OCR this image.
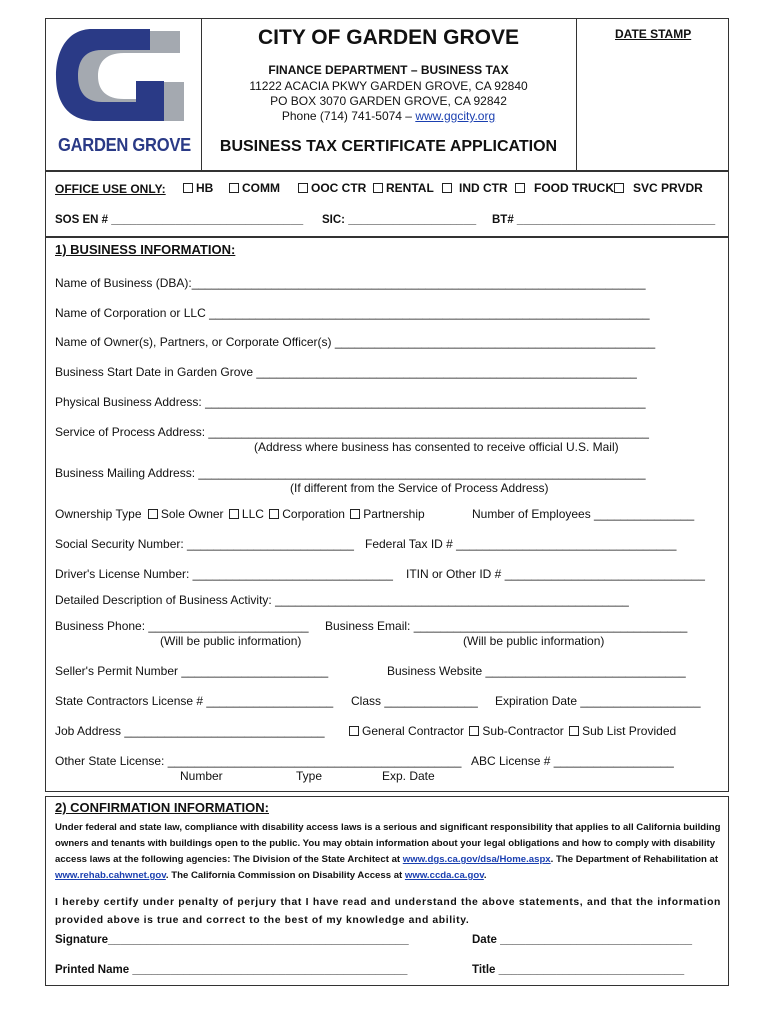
GARDEN GROVE
CITY OF GARDEN GROVE
FINANCE DEPARTMENT – BUSINESS TAX
11222 ACACIA PKWY GARDEN GROVE, CA 92840
PO BOX 3070 GARDEN GROVE, CA 92842
Phone (714) 741-5074 – www.ggcity.org
BUSINESS TAX CERTIFICATE APPLICATION
DATE STAMP
OFFICE USE ONLY:	HB	COMM	OOC CTR	RENTAL	IND CTR	FOOD TRUCK	SVC PRVDR
SOS EN # ______________________________ SIC: ____________________ BT# _______________________________
1) BUSINESS INFORMATION:
Name of Business (DBA):____________________________________________________________________
Name of Corporation or LLC __________________________________________________________________
Name of Owner(s), Partners, or Corporate Officer(s) ________________________________________________
Business Start Date in Garden Grove _________________________________________________________
Physical Business Address: __________________________________________________________________
Service of Process Address: __________________________________________________________________
(Address where business has consented to receive official U.S. Mail)
Business Mailing Address: ___________________________________________________________________
(If different from the Service of Process Address)
Ownership Type Sole Owner LLC Corporation Partnership	Number of Employees _______________
Social Security Number: _________________________ Federal Tax ID # _________________________________
Driver's License Number: ______________________________ ITIN or Other ID # ______________________________
Detailed Description of Business Activity: _____________________________________________________
Business Phone: ________________________
(Will be public information)
Business Email: _________________________________________
(Will be public information)
Seller's Permit Number ______________________	Business Website ______________________________
State Contractors License # ___________________ Class ______________ Expiration Date __________________
Job Address ______________________________	General Contractor Sub-Contractor Sub List Provided
Other State License: ____________________________________________ ABC License # __________________
Number	Type	Exp. Date
2) CONFIRMATION INFORMATION:
Under federal and state law, compliance with disability access laws is a serious and significant responsibility that applies to all California building owners and tenants with buildings open to the public. You may obtain information about your legal obligations and how to comply with disability access laws at the following agencies: The Division of the State Architect at www.dgs.ca.gov/dsa/Home.aspx. The Department of Rehabilitation at www.rehab.cahwnet.gov. The California Commission on Disability Access at www.ccda.ca.gov.
I hereby certify under penalty of perjury that I have read and understand the above statements, and that the information provided above is true and correct to the best of my knowledge and ability.
Signature_______________________________________________	Date ______________________________
Printed Name ___________________________________________	Title _____________________________
